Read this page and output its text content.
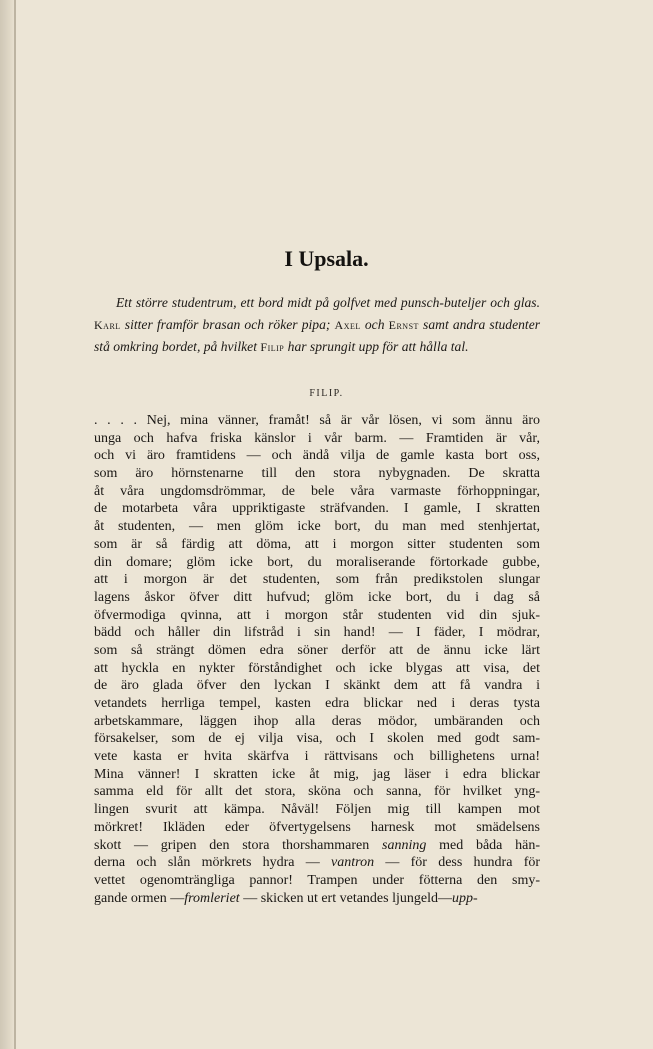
I Upsala.
Ett större studentrum, ett bord midt på golfvet med punsch-buteljer och glas. Karl sitter framför brasan och röker pipa; Axel och Ernst samt andra studenter stå omkring bordet, på hvilket Filip har sprungit upp för att hålla tal.
FILIP.
. . . . Nej, mina vänner, framåt! så är vår lösen, vi som ännu äro
unga och hafva friska känslor i vår barm. — Framtiden är vår,
och vi äro framtidens — och ändå vilja de gamle kasta bort oss,
som äro hörnstenarne till den stora nybygnaden. De skratta
åt våra ungdomsdrömmar, de bele våra varmaste förhoppningar,
de motarbeta våra uppriktigaste sträfvanden. I gamle, I skratten
åt studenten, — men glöm icke bort, du man med stenhjertat,
som är så färdig att döma, att i morgon sitter studenten som
din domare; glöm icke bort, du moraliserande förtorkade gubbe,
att i morgon är det studenten, som från predikstolen slungar
lagens åskor öfver ditt hufvud; glöm icke bort, du i dag så
öfvermodiga qvinna, att i morgon står studenten vid din sjuk-
bädd och håller din lifstråd i sin hand! — I fäder, I mödrar,
som så strängt dömen edra söner derför att de ännu icke lärt
att hyckla en nykter förståndighet och icke blygas att visa, det
de äro glada öfver den lyckan I skänkt dem att få vandra i
vetandets herrliga tempel, kasten edra blickar ned i deras tysta
arbetskammare, läggen ihop alla deras mödor, umbäranden och
försakelser, som de ej vilja visa, och I skolen med godt sam-
vete kasta er hvita skärfva i rättvisans och billighetens urna!
Mina vänner! I skratten icke åt mig, jag läser i edra blickar
samma eld för allt det stora, sköna och sanna, för hvilket yng-
lingen svurit att kämpa. Nåväl! Följen mig till kampen mot
mörkret! Ikläden eder öfvertygelsens harnesk mot smädelsens
skott — gripen den stora thorshammaren sanning med båda hän-
derna och slån mörkrets hydra — vantron — för dess hundra för
vettet ogenomträngliga pannor! Trampen under fötterna den smy-
gande ormen —fromleriet — skicken ut ert vetandes ljungeld—upp-
